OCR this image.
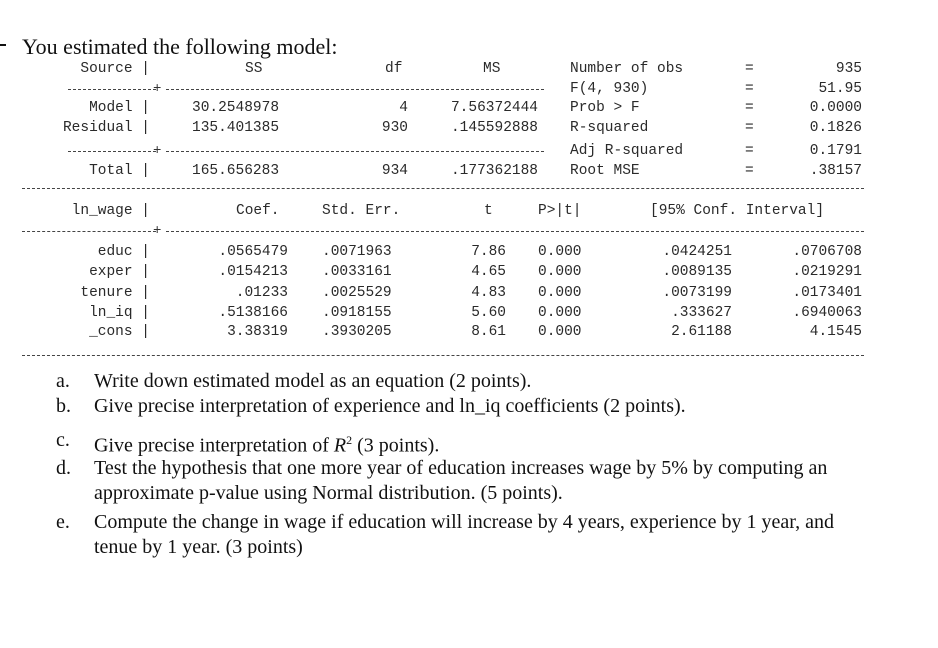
You estimated the following model:
Source |	SS	df	MS
+
Model |	30.2548978	4	7.56372444
Residual |	135.401385	930	.145592888
+
Total |	165.656283	934	.177362188
Number of obs	=	935
F(4, 930)	=	51.95
Prob > F	=	0.0000
R-squared	=	0.1826
Adj R-squared	=	0.1791
Root MSE	=	.38157
ln_wage |	Coef.	Std. Err.	t	P>|t|	[95% Conf. Interval]
+
educ |	.0565479 .0071963	7.86 0.000	.0424251	.0706708
exper |	.0154213 .0033161	4.65 0.000	.0089135	.0219291
tenure |	.01233 .0025529	4.83 0.000	.0073199	.0173401
ln_iq |	.5138166 .0918155	5.60 0.000	.333627	.6940063
_cons |	3.38319 .3930205	8.61 0.000	2.61188	4.1545
a. Write down estimated model as an equation (2 points).
b. Give precise interpretation of experience and ln_iq coefficients (2 points).
c. Give precise interpretation of $R^2$ (3 points).
d. Test the hypothesis that one more year of education increases wage by 5% by computing an approximate p-value using Normal distribution. (5 points).
e. Compute the change in wage if education will increase by 4 years, experience by 1 year, and tenue by 1 year. (3 points)
